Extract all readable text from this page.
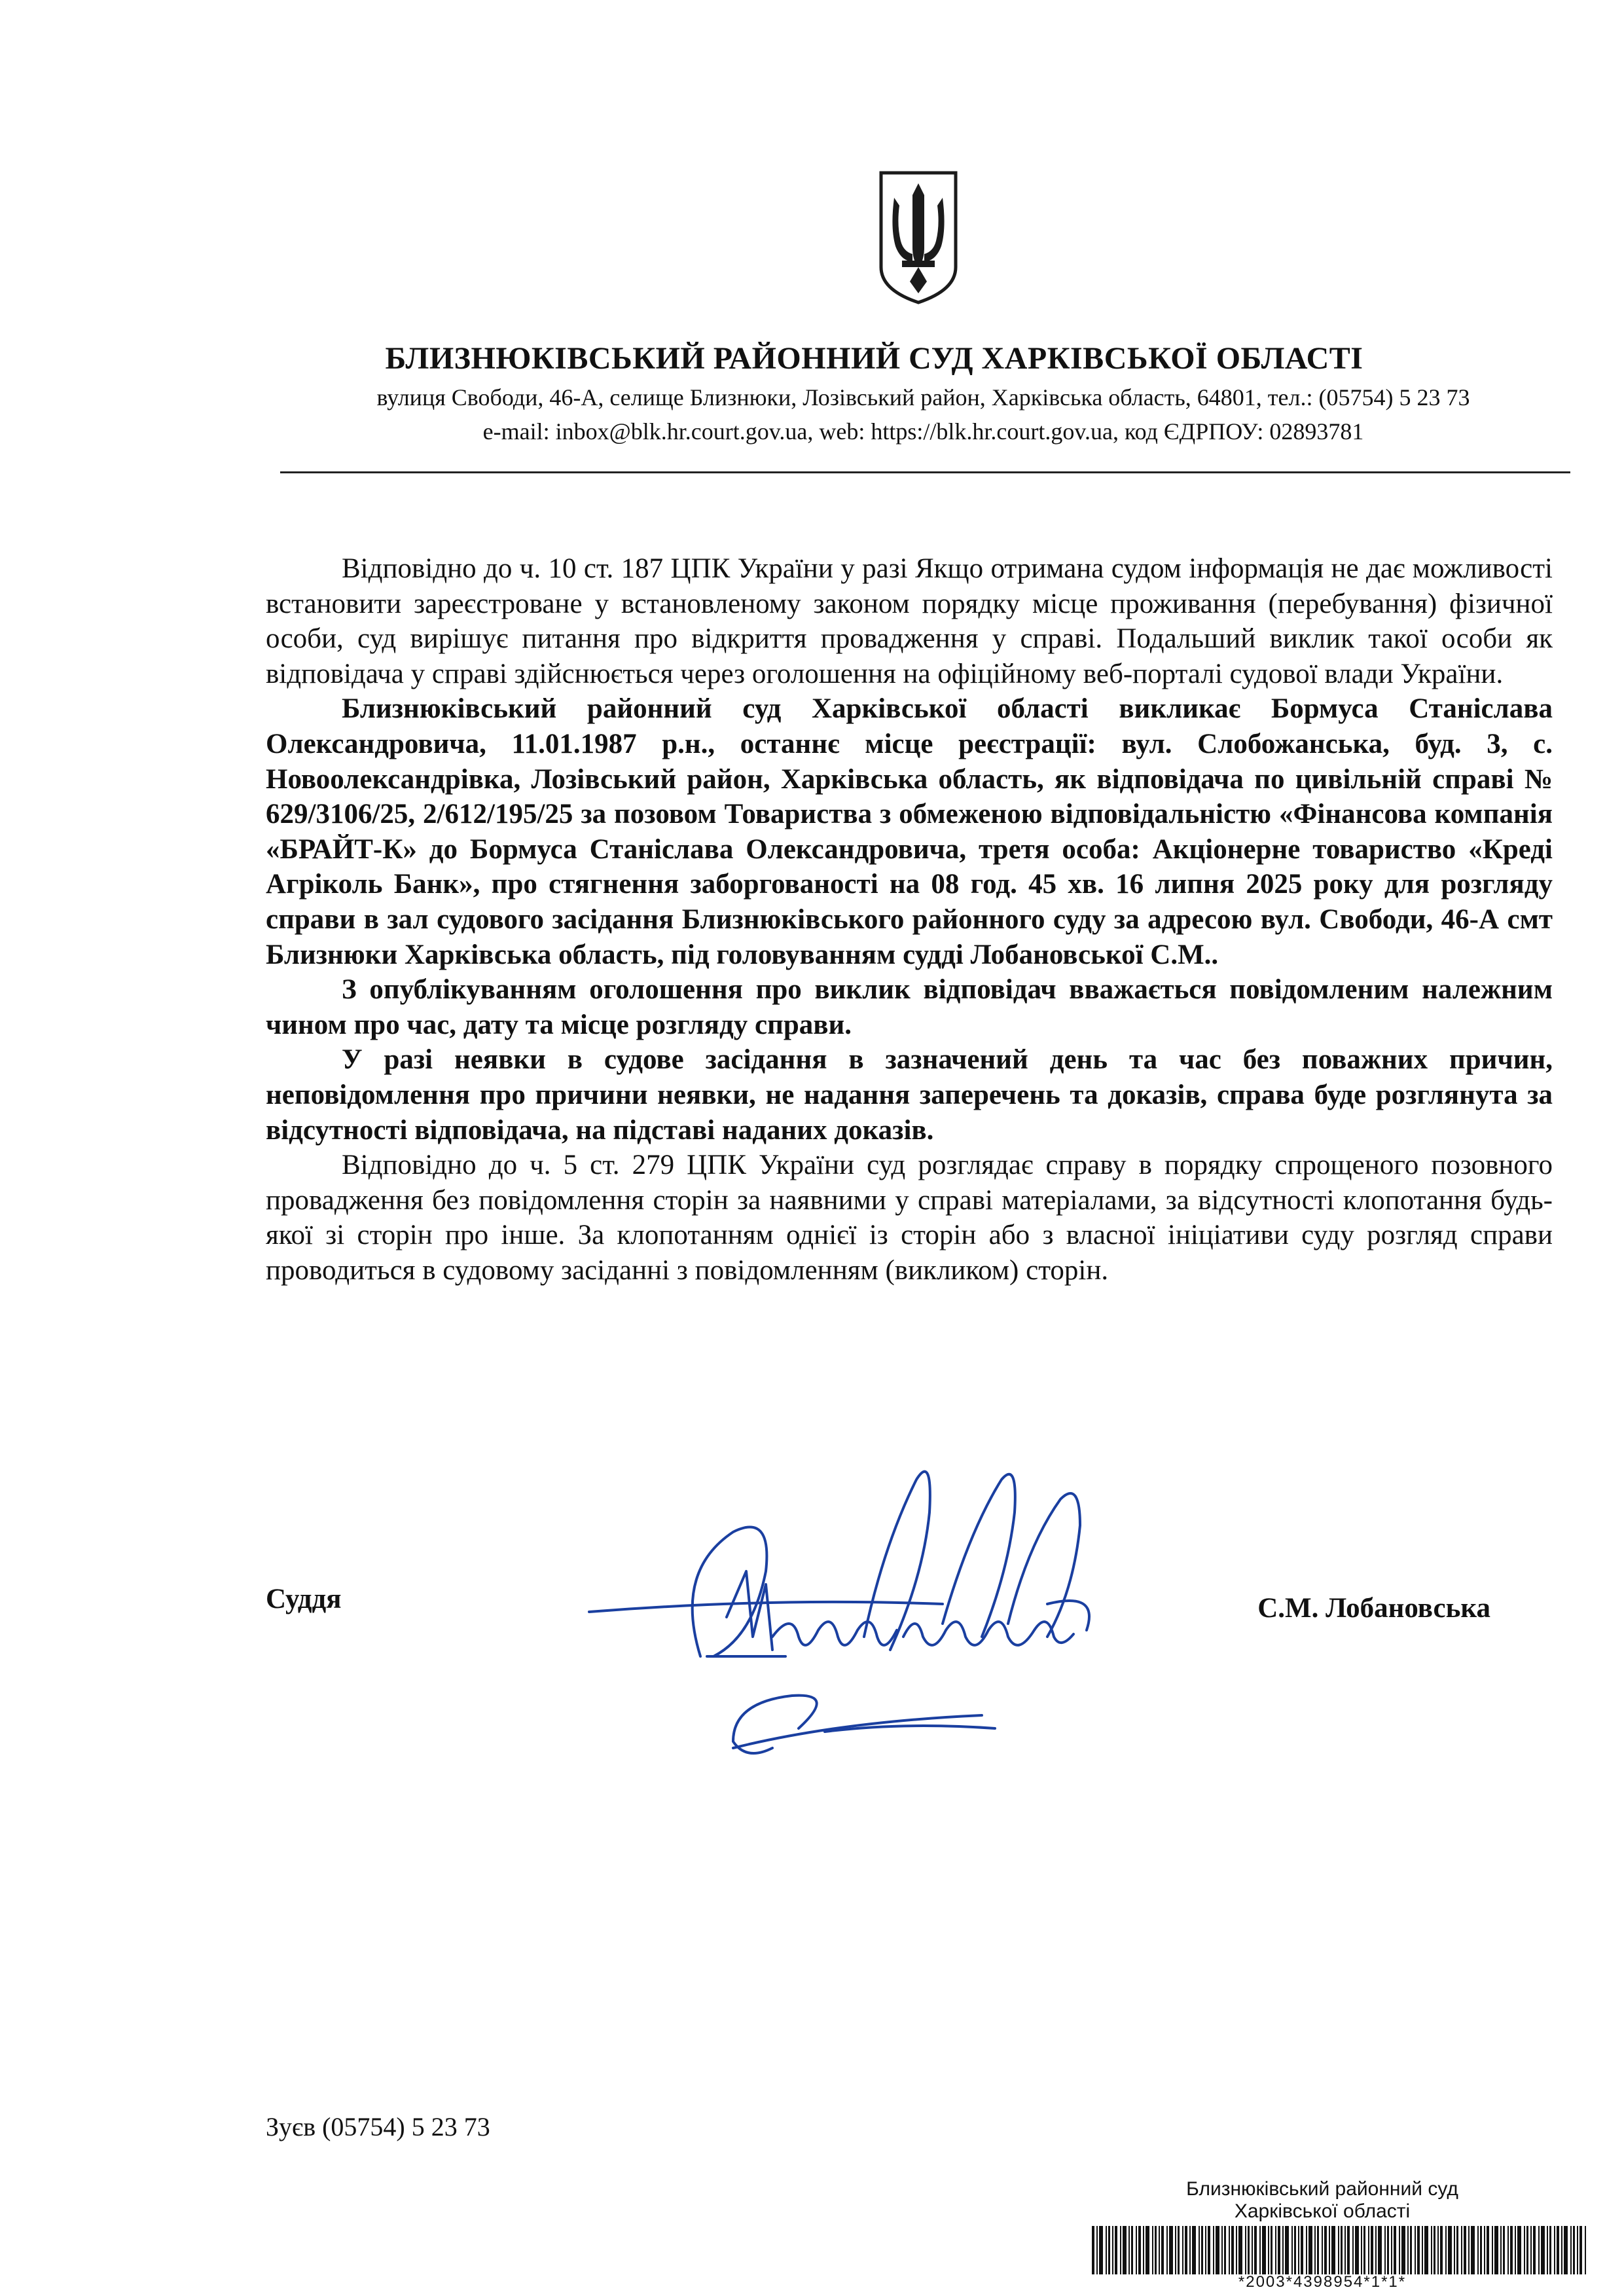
БЛИЗНЮКІВСЬКИЙ РАЙОННИЙ СУД ХАРКІВСЬКОЇ ОБЛАСТІ
вулиця Свободи, 46-А, селище Близнюки, Лозівський район, Харківська область, 64801, тел.: (05754) 5 23 73
e-mail: inbox@blk.hr.court.gov.ua, web: https://blk.hr.court.gov.ua, код ЄДРПОУ: 02893781

Відповідно до ч. 10 ст. 187 ЦПК України у разі Якщо отримана судом інформація не дає можливості встановити зареєстроване у встановленому законом порядку місце проживання (перебування) фізичної особи, суд вирішує питання про відкриття провадження у справі. Подальший виклик такої особи як відповідача у справі здійснюється через оголошення на офіційному веб-порталі судової влади України.

Близнюківський районний суд Харківської області викликає Бормуса Станіслава Олександровича, 11.01.1987 р.н., останнє місце реєстрації: вул. Слобожанська, буд. 3, с. Новоолександрівка, Лозівський район, Харківська область, як відповідача по цивільній справі № 629/3106/25, 2/612/195/25 за позовом Товариства з обмеженою відповідальністю «Фінансова компанія «БРАЙТ-К» до Бормуса Станіслава Олександровича, третя особа: Акціонерне товариство «Креді Агріколь Банк», про стягнення заборгованості на 08 год. 45 хв. 16 липня 2025 року для розгляду справи в зал судового засідання Близнюківського районного суду за адресою вул. Свободи, 46-А смт Близнюки Харківська область, під головуванням судді Лобановської С.М..

З опублікуванням оголошення про виклик відповідач вважається повідомленим належним чином про час, дату та місце розгляду справи.

У разі неявки в судове засідання в зазначений день та час без поважних причин, неповідомлення про причини неявки, не надання заперечень та доказів, справа буде розглянута за відсутності відповідача, на підставі наданих доказів.

Відповідно до ч. 5 ст. 279 ЦПК України суд розглядає справу в порядку спрощеного позовного провадження без повідомлення сторін за наявними у справі матеріалами, за відсутності клопотання будь-якої зі сторін про інше. За клопотанням однієї із сторін або з власної ініціативи суду розгляд справи проводиться в судовому засіданні з повідомленням (викликом) сторін.

Суддя	С.М. Лобановська
Зуєв (05754) 5 23 73
Близнюківський районний суд
Харківської області
*2003*4398954*1*1*
